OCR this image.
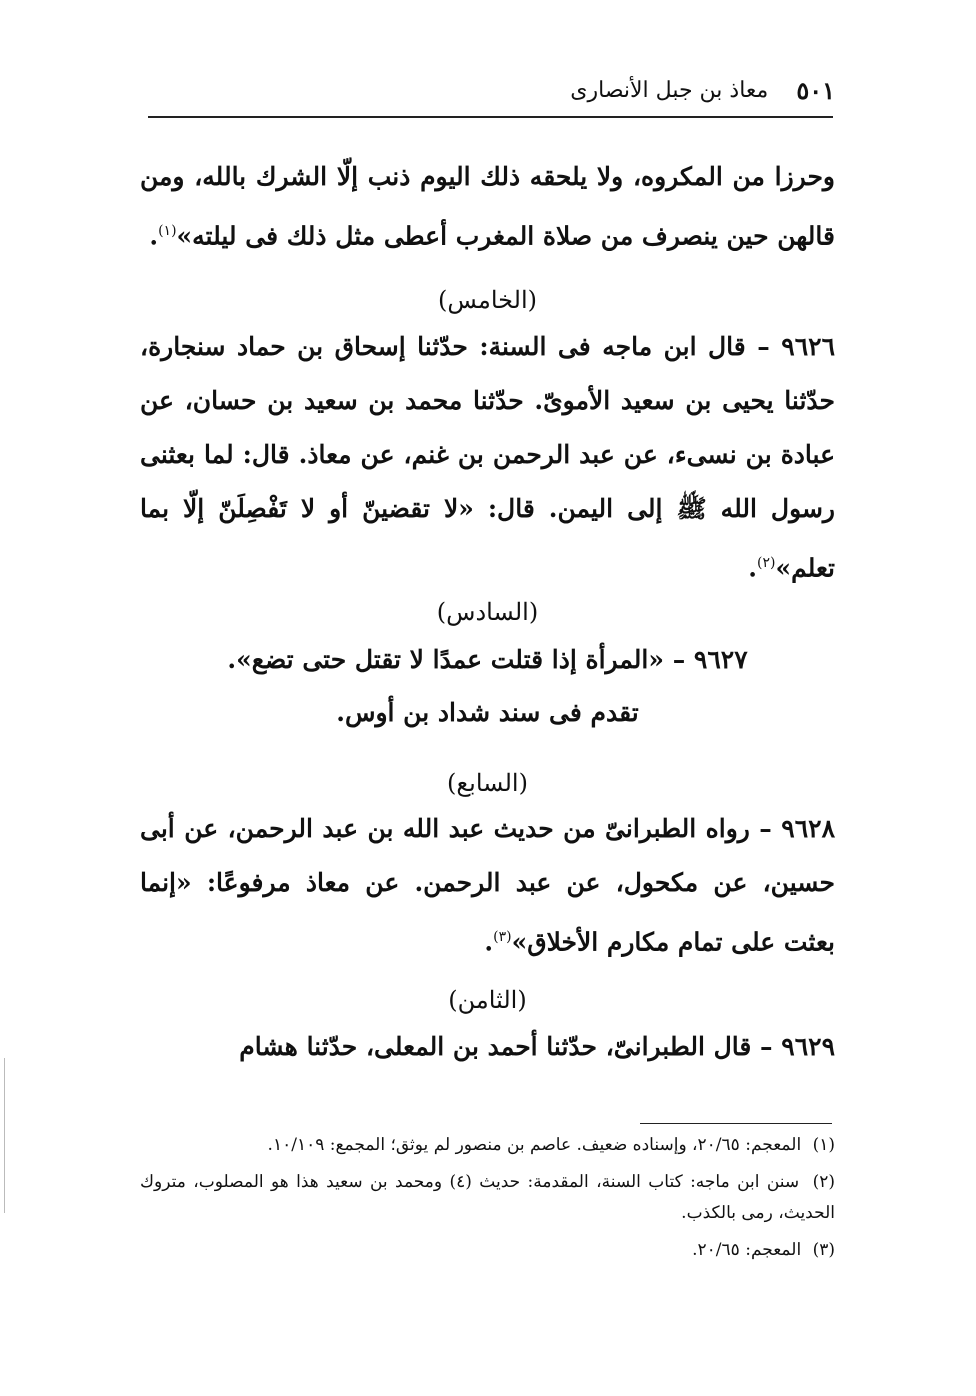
٥٠١
معاذ بن جبل الأنصارى

وحرزا من المكروه، ولا يلحقه ذلك اليوم ذنب إلّا الشرك بالله، ومن قالهن حين ينصرف من صلاة المغرب أعطى مثل ذلك فى ليلته»$^{(١)}$.

(الخامس)

٩٦٢٦ – قال ابن ماجه فى السنة: حدّثنا إسحاق بن حماد سنجارة، حدّثنا يحيى بن سعيد الأموىّ. حدّثنا محمد بن سعيد بن حسان، عن عبادة بن نسىء، عن عبد الرحمن بن غنم، عن معاذ. قال: لما بعثنى رسول الله ﷺ إلى اليمن. قال: «لا تقضينّ أو لا تَفْصِلَنّ إلّا بما تعلم»$^{(٢)}$.

(السادس)

٩٦٢٧ – «المرأة إذا قتلت عمدًا لا تقتل حتى تضع».

تقدم فى سند شداد بن أوس.

(السابع)

٩٦٢٨ – رواه الطبرانىّ من حديث عبد الله بن عبد الرحمن، عن أبى حسين، عن مكحول، عن عبد الرحمن. عن معاذ مرفوعًا: «إنما بعثت على تمام مكارم الأخلاق»$^{(٣)}$.

(الثامن)

٩٦٢٩ – قال الطبرانىّ، حدّثنا أحمد بن المعلى، حدّثنا هشام

(١) المعجم: ٢٠/٦٥، وإسناده ضعيف. عاصم بن منصور لم يوثق؛ المجمع: ١٠/١٠٩.

(٢) سنن ابن ماجه: كتاب السنة، المقدمة: حديث (٤) ومحمد بن سعيد هذا هو المصلوب، متروك الحديث، رمى بالكذب.

(٣) المعجم: ٢٠/٦٥.
